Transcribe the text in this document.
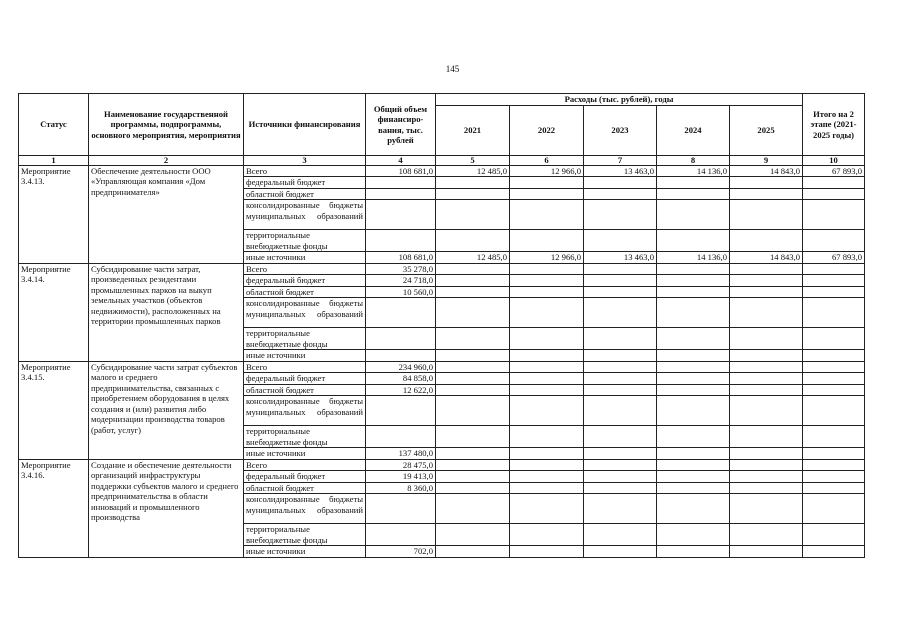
145
Статус	Наименование государственной программы, подпрограммы, основного мероприятия, мероприятия	Источники финансирования	Общий объем финансиро-вания, тыс. рублей	Расходы (тыс. рублей), годы					Итого на 2 этапе (2021-2025 годы)
				2021	2022	2023	2024	2025	
1	2	3	4	5	6	7	8	9	10
Мероприятие 3.4.13.	Обеспечение деятельности ООО «Управляющая компания «Дом предпринимателя»	Всего	108 681,0	12 485,0	12 966,0	13 463,0	14 136,0	14 843,0	67 893,0
		федеральный бюджет							
		областной бюджет							
		консолидированные бюджеты муниципальных образований							
		территориальные внебюджетные фонды							
		иные источники	108 681,0	12 485,0	12 966,0	13 463,0	14 136,0	14 843,0	67 893,0
Мероприятие 3.4.14.	Субсидирование части затрат, произведенных резидентами промышленных парков на выкуп земельных участков (объектов недвижимости), расположенных на территории промышленных парков	Всего	35 278,0						
		федеральный бюджет	24 718,0						
		областной бюджет	10 560,0						
		консолидированные бюджеты муниципальных образований							
		территориальные внебюджетные фонды							
		иные источники							
Мероприятие 3.4.15.	Субсидирование части затрат субъектов малого и среднего предпринимательства, связанных с приобретением оборудования в целях создания и (или) развития либо модернизации производства товаров (работ, услуг)	Всего	234 960,0						
		федеральный бюджет	84 858,0						
		областной бюджет	12 622,0						
		консолидированные бюджеты муниципальных образований							
		территориальные внебюджетные фонды							
		иные источники	137 480,0						
Мероприятие 3.4.16.	Создание и обеспечение деятельности организаций инфраструктуры поддержки субъектов малого и среднего предпринимательства в области инноваций и промышленного производства	Всего	28 475,0						
		федеральный бюджет	19 413,0						
		областной бюджет	8 360,0						
		консолидированные бюджеты муниципальных образований							
		территориальные внебюджетные фонды							
		иные источники	702,0						
